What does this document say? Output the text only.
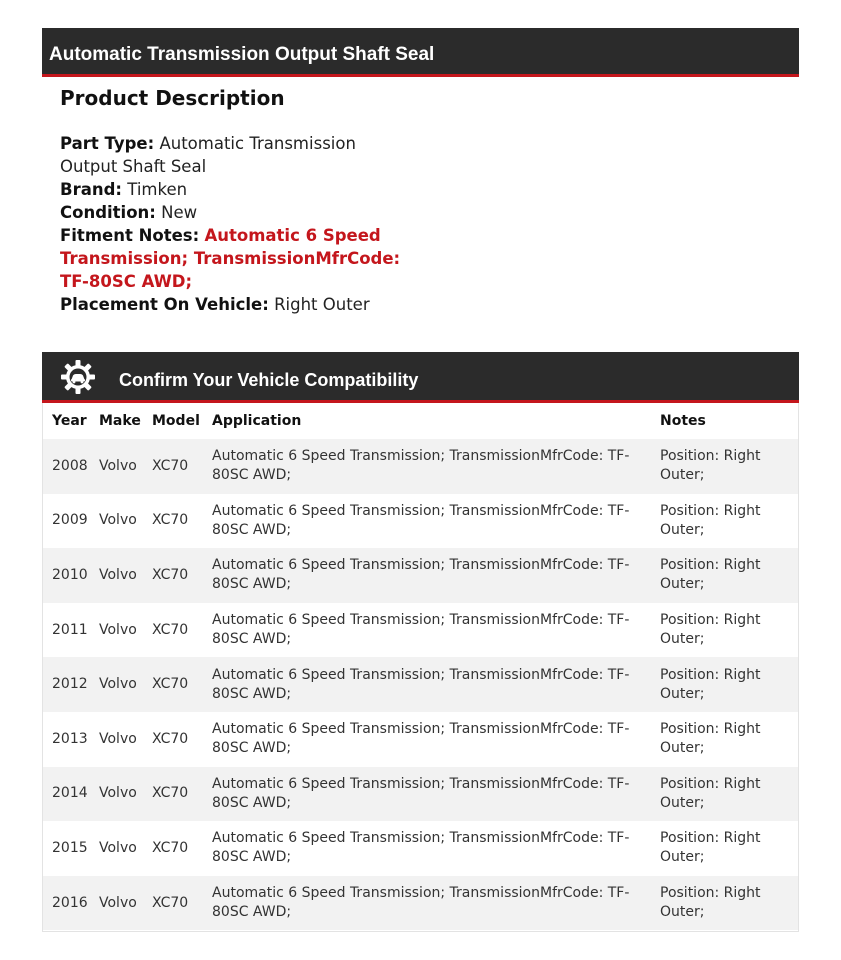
Automatic Transmission Output Shaft Seal
Product Description
Part Type: Automatic Transmission Output Shaft Seal
Brand: Timken
Condition: New
Fitment Notes: Automatic 6 Speed Transmission; TransmissionMfrCode: TF-80SC AWD;
Placement On Vehicle: Right Outer
Confirm Your Vehicle Compatibility
Year	Make	Model	Application	Notes
2008	Volvo	XC70	Automatic 6 Speed Transmission; TransmissionMfrCode: TF-80SC AWD;	Position: Right Outer;
2009	Volvo	XC70	Automatic 6 Speed Transmission; TransmissionMfrCode: TF-80SC AWD;	Position: Right Outer;
2010	Volvo	XC70	Automatic 6 Speed Transmission; TransmissionMfrCode: TF-80SC AWD;	Position: Right Outer;
2011	Volvo	XC70	Automatic 6 Speed Transmission; TransmissionMfrCode: TF-80SC AWD;	Position: Right Outer;
2012	Volvo	XC70	Automatic 6 Speed Transmission; TransmissionMfrCode: TF-80SC AWD;	Position: Right Outer;
2013	Volvo	XC70	Automatic 6 Speed Transmission; TransmissionMfrCode: TF-80SC AWD;	Position: Right Outer;
2014	Volvo	XC70	Automatic 6 Speed Transmission; TransmissionMfrCode: TF-80SC AWD;	Position: Right Outer;
2015	Volvo	XC70	Automatic 6 Speed Transmission; TransmissionMfrCode: TF-80SC AWD;	Position: Right Outer;
2016	Volvo	XC70	Automatic 6 Speed Transmission; TransmissionMfrCode: TF-80SC AWD;	Position: Right Outer;
